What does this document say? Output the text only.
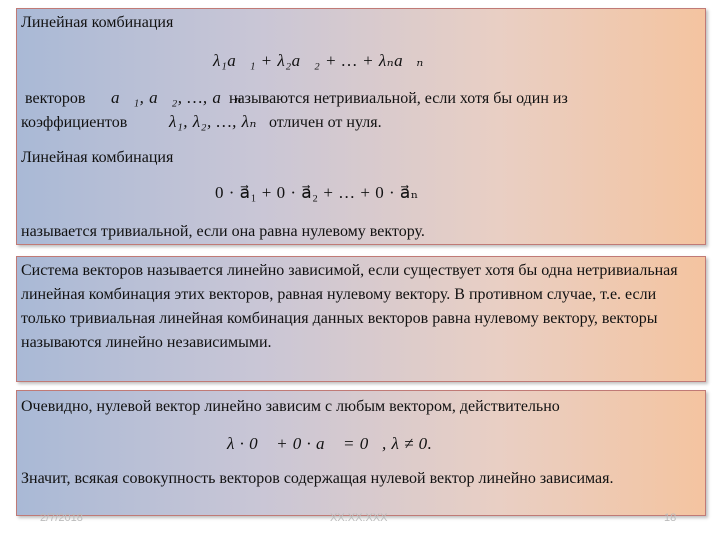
Линейная комбинация
λ₁a⃗₁ + λ₂a⃗₂ + … + λₙa⃗ₙ
векторов a⃗₁, a⃗₂, …, a⃗ₙ
называются нетривиальной, если хотя бы один из
коэффициентов λ₁, λ₂, …, λₙ отличен от нуля.
Линейная комбинация
0 · a⃗₁ + 0 · a⃗₂ + … + 0 · a⃗ₙ
называется тривиальной, если она равна нулевому вектору.
Система векторов называется линейно зависимой, если существует хотя бы одна нетривиальная линейная комбинация этих векторов, равная нулевому вектору. В противном случае, т.е. если только тривиальная линейная комбинация данных векторов равна нулевому вектору, векторы называются линейно независимыми.
Очевидно, нулевой вектор линейно зависим с любым вектором, действительно
λ · 0⃗ + 0 · a⃗ = 0⃗, λ ≠ 0.
Значит, всякая совокупность векторов содержащая нулевой вектор линейно зависимая.
2/7/2018	ХХ.ХХ.ХХХ	18
